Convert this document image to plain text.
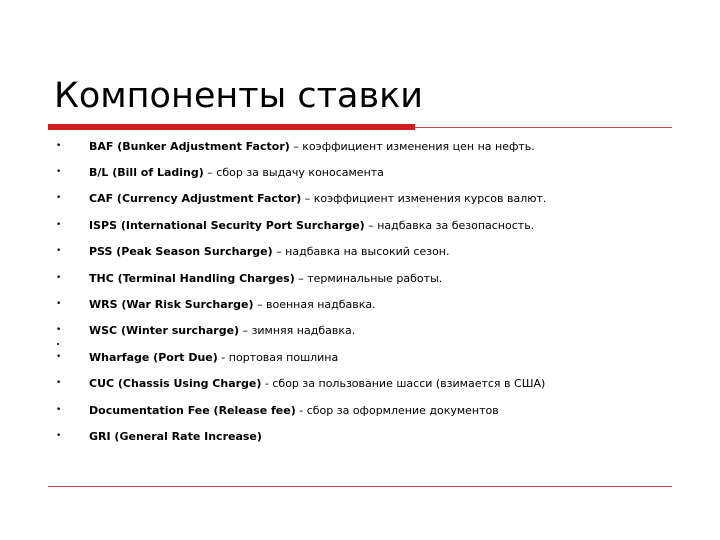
Компоненты ставки
•	BAF (Bunker Adjustment Factor) – коэффициент изменения цен на нефть.
•	B/L (Bill of Lading) – сбор за выдачу коносамента
•	CAF (Currency Adjustment Factor) – коэффициент изменения курсов валют.
•	ISPS (International Security Port Surcharge) – надбавка за безопасность.
•	PSS (Peak Season Surcharge) – надбавка на высокий сезон.
•	THC (Terminal Handling Charges) – терминальные работы.
•	WRS (War Risk Surcharge) – военная надбавка.
•	WSC (Winter surcharge) – зимняя надбавка.
•	Wharfage (Port Due) - портовая пошлина
•	CUC (Chassis Using Charge) - сбор за пользование шасси (взимается в США)
•	Documentation Fee (Release fee) - сбор за оформление документов
•	GRI (General Rate Increase)
